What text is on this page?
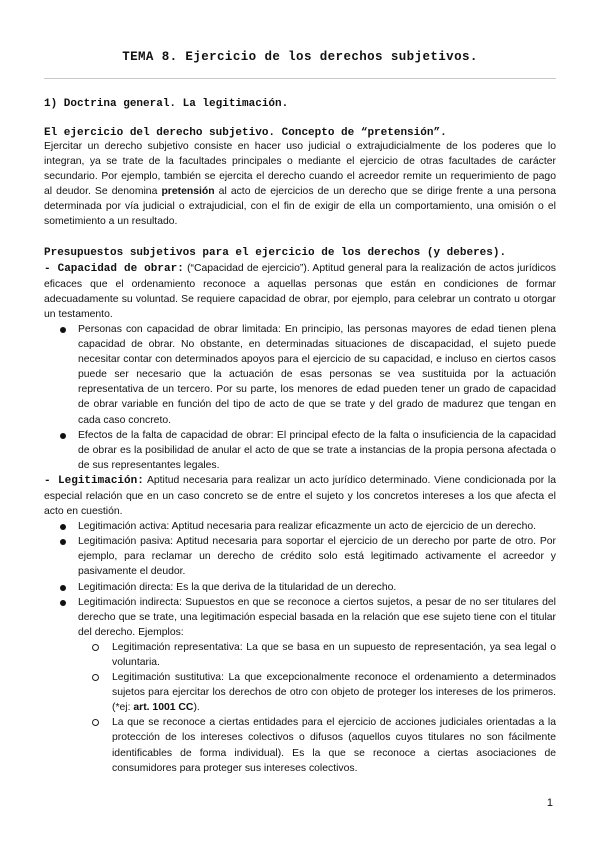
TEMA 8. Ejercicio de los derechos subjetivos.
1) Doctrina general. La legitimación.
El ejercicio del derecho subjetivo. Concepto de “pretensión”.

Ejercitar un derecho subjetivo consiste en hacer uso judicial o extrajudicialmente de los poderes que lo integran, ya se trate de la facultades principales o mediante el ejercicio de otras facultades de carácter secundario. Por ejemplo, también se ejercita el derecho cuando el acreedor remite un requerimiento de pago al deudor. Se denomina pretensión al acto de ejercicios de un derecho que se dirige frente a una persona determinada por vía judicial o extrajudicial, con el fin de exigir de ella un comportamiento, una omisión o el sometimiento a un resultado.

Presupuestos subjetivos para el ejercicio de los derechos (y deberes).

- Capacidad de obrar: (“Capacidad de ejercicio”). Aptitud general para la realización de actos jurídicos eficaces que el ordenamiento reconoce a aquellas personas que están en condiciones de formar adecuadamente su voluntad. Se requiere capacidad de obrar, por ejemplo, para celebrar un contrato u otorgar un testamento.

Personas con capacidad de obrar limitada: En principio, las personas mayores de edad tienen plena capacidad de obrar. No obstante, en determinadas situaciones de discapacidad, el sujeto puede necesitar contar con determinados apoyos para el ejercicio de su capacidad, e incluso en ciertos casos puede ser necesario que la actuación de esas personas se vea sustituida por la actuación representativa de un tercero. Por su parte, los menores de edad pueden tener un grado de capacidad de obrar variable en función del tipo de acto de que se trate y del grado de madurez que tengan en cada caso concreto.

Efectos de la falta de capacidad de obrar: El principal efecto de la falta o insuficiencia de la capacidad de obrar es la posibilidad de anular el acto de que se trate a instancias de la propia persona afectada o de sus representantes legales.

- Legitimación: Aptitud necesaria para realizar un acto jurídico determinado. Viene condicionada por la especial relación que en un caso concreto se de entre el sujeto y los concretos intereses a los que afecta el acto en cuestión.

Legitimación activa: Aptitud necesaria para realizar eficazmente un acto de ejercicio de un derecho.

Legitimación pasiva: Aptitud necesaria para soportar el ejercicio de un derecho por parte de otro. Por ejemplo, para reclamar un derecho de crédito solo está legitimado activamente el acreedor y pasivamente el deudor.

Legitimación directa: Es la que deriva de la titularidad de un derecho.

Legitimación indirecta: Supuestos en que se reconoce a ciertos sujetos, a pesar de no ser titulares del derecho que se trate, una legitimación especial basada en la relación que ese sujeto tiene con el titular del derecho. Ejemplos:

Legitimación representativa: La que se basa en un supuesto de representación, ya sea legal o voluntaria.

Legitimación sustitutiva: La que excepcionalmente reconoce el ordenamiento a determinados sujetos para ejercitar los derechos de otro con objeto de proteger los intereses de los primeros. (*ej: art. 1001 CC).

La que se reconoce a ciertas entidades para el ejercicio de acciones judiciales orientadas a la protección de los intereses colectivos o difusos (aquellos cuyos titulares no son fácilmente identificables de forma individual). Es la que se reconoce a ciertas asociaciones de consumidores para proteger sus intereses colectivos.

1
